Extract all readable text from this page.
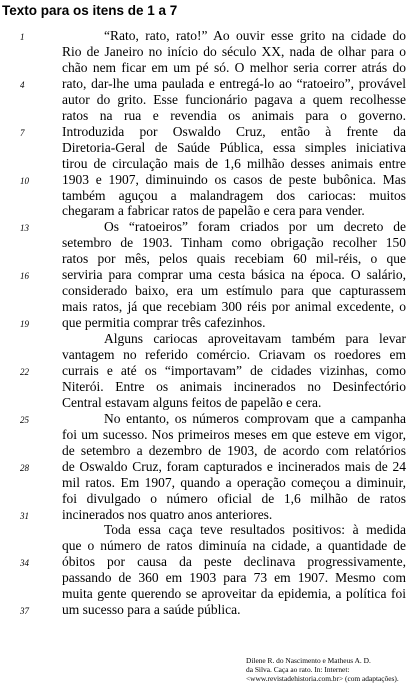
Texto para os itens de 1 a 7
“Rato, rato, rato!” Ao ouvir esse grito na cidade do
Rio de Janeiro no início do século XX, nada de olhar para o
chão nem ficar em um pé só. O melhor seria correr atrás do
rato, dar-lhe uma paulada e entregá-lo ao “ratoeiro”, provável
autor do grito. Esse funcionário pagava a quem recolhesse
ratos na rua e revendia os animais para o governo.
Introduzida por Oswaldo Cruz, então à frente da
Diretoria-Geral de Saúde Pública, essa simples iniciativa
tirou de circulação mais de 1,6 milhão desses animais entre
1903 e 1907, diminuindo os casos de peste bubônica. Mas
também aguçou a malandragem dos cariocas: muitos
chegaram a fabricar ratos de papelão e cera para vender.
Os “ratoeiros” foram criados por um decreto de
setembro de 1903. Tinham como obrigação recolher 150
ratos por mês, pelos quais recebiam 60 mil-réis, o que
serviria para comprar uma cesta básica na época. O salário,
considerado baixo, era um estímulo para que capturassem
mais ratos, já que recebiam 300 réis por animal excedente, o
que permitia comprar três cafezinhos.
Alguns cariocas aproveitavam também para levar
vantagem no referido comércio. Criavam os roedores em
currais e até os “importavam” de cidades vizinhas, como
Niterói. Entre os animais incinerados no Desinfectório
Central estavam alguns feitos de papelão e cera.
No entanto, os números comprovam que a campanha
foi um sucesso. Nos primeiros meses em que esteve em vigor,
de setembro a dezembro de 1903, de acordo com relatórios
de Oswaldo Cruz, foram capturados e incinerados mais de 24
mil ratos. Em 1907, quando a operação começou a diminuir,
foi divulgado o número oficial de 1,6 milhão de ratos
incinerados nos quatro anos anteriores.
Toda essa caça teve resultados positivos: à medida
que o número de ratos diminuía na cidade, a quantidade de
óbitos por causa da peste declinava progressivamente,
passando de 360 em 1903 para 73 em 1907. Mesmo com
muita gente querendo se aproveitar da epidemia, a política foi
um sucesso para a saúde pública.
1
4
7
10
13
16
19
22
25
28
31
34
37
Dilene R. do Nascimento e Matheus A. D.
da Silva. Caça ao rato. In: Internet:
<www.revistadehistoria.com.br> (com adaptações).
